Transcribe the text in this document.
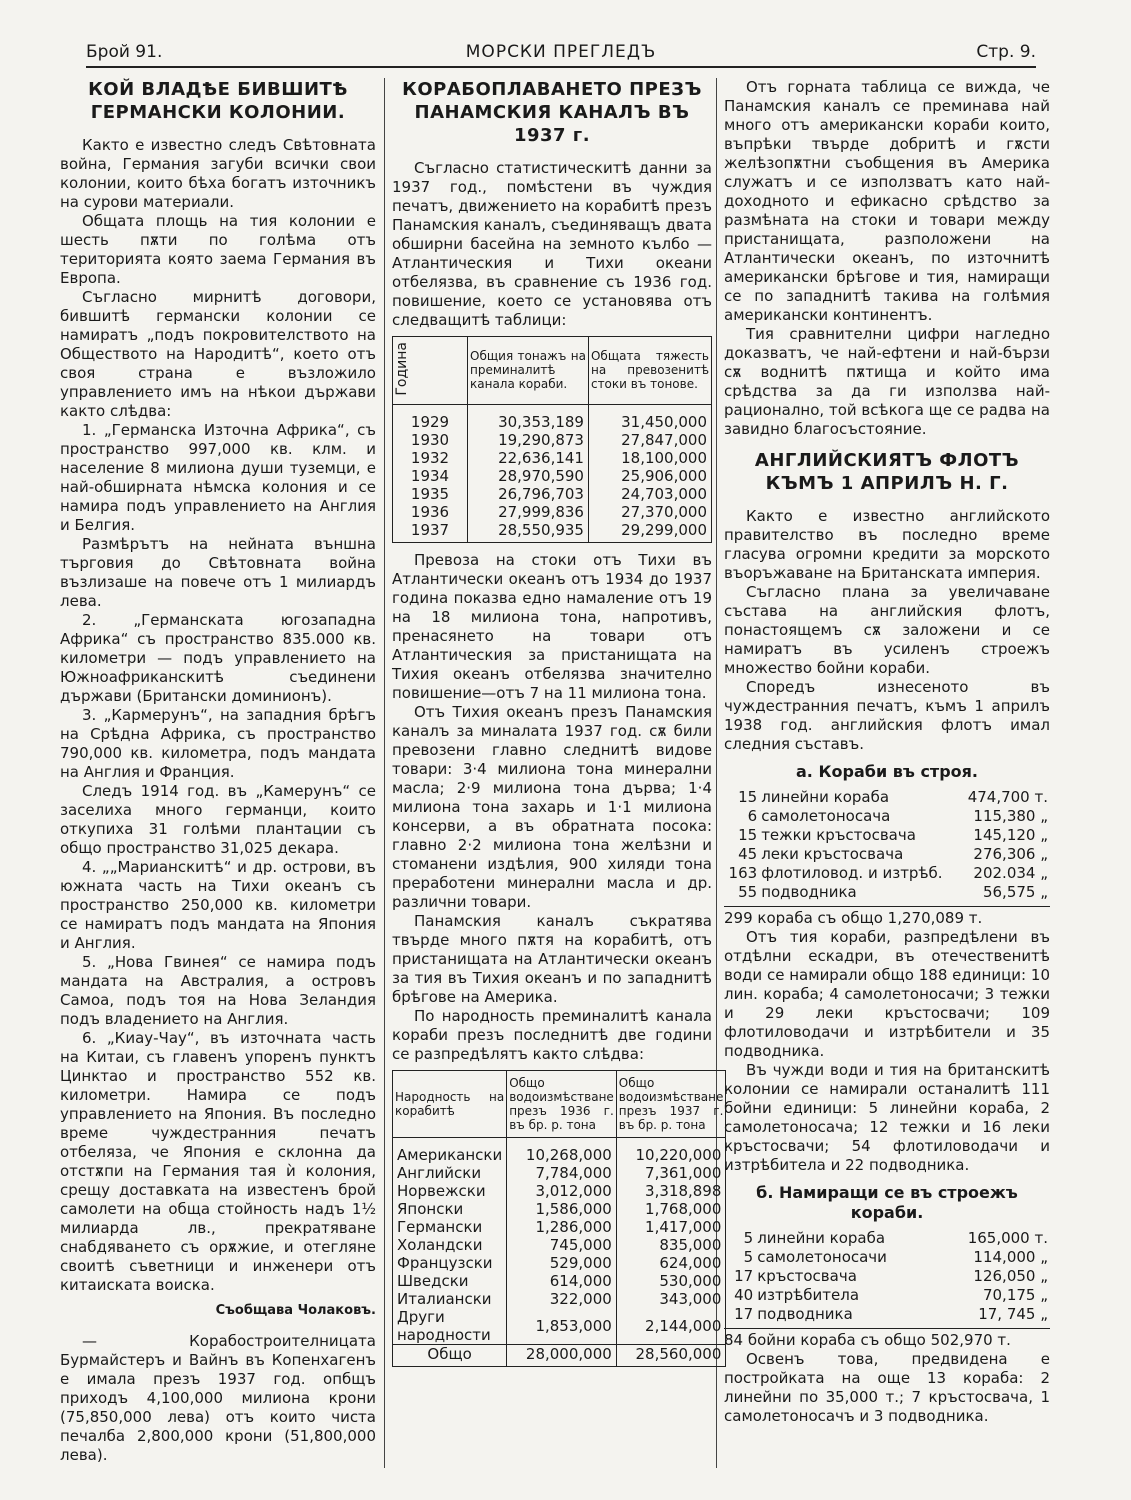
Брой 91.	МОРСКИ ПРЕГЛЕДЪ	Стр. 9.
КОЙ ВЛАДѢЕ БИВШИТѢ ГЕРМАНСКИ КОЛОНИИ.

Както е известно следъ Свѣтовната война, Германия загуби всички свои колонии, които бѣха богатъ източникъ на сурови материали.

Общата площь на тия колонии е шесть пѫти по голѣма отъ територията която заема Германия въ Европа.

Съгласно мирнитѣ договори, бившитѣ германски колонии се намиратъ „подъ покровителството на Обществото на Народитѣ“, което отъ своя страна е възложило управлението имъ на нѣкои държави както слѣдва:

1. „Германска Източна Африка“, съ пространство 997,000 кв. клм. и население 8 милиона души туземци, е най-обширната нѣмска колония и се намира подъ управлението на Англия и Белгия.

Размѣрътъ на нейната външна търговия до Свѣтовната война възлизаше на повече отъ 1 милиардъ лева.

2. „Германската югозападна Африка“ съ пространство 835.000 кв. километри — подъ управлението на Южноафриканскитѣ съединени държави (Британски доминионъ).

3. „Кармерунъ“, на западния брѣгъ на Срѣдна Африка, съ пространство 790,000 кв. километра, подъ мандата на Англия и Франция.

Следъ 1914 год. въ „Камерунъ“ се заселиха много германци, които откупиха 31 голѣми плантации съ общо пространство 31,025 декара.

4. „„Марианскитѣ“ и др. острови, въ южната часть на Тихи океанъ съ пространство 250,000 кв. километри се намиратъ подъ мандата на Япония и Англия.

5. „Нова Гвинея“ се намира подъ мандата на Австралия, а островъ Самоа, подъ тоя на Нова Зеландия подъ владението на Англия.

6. „Киау-Чау“, въ източната часть на Китаи, съ главенъ упоренъ пунктъ Цинктао и пространство 552 кв. километри. Намира се подъ управлението на Япония. Въ последно време чуждестранния печатъ отбеляза, че Япония е склонна да отстѫпи на Германия тая ѝ колония, срещу доставката на известенъ брой самолети на обща стойность надъ 1½ милиарда лв., прекратяване снабдяването съ орѫжие, и отегляне своитѣ съветници и инженери отъ китаиската воиска.

Съобщава Чолаковъ.

— Корабостроителницата Бурмайстеръ и Вайнъ въ Копенхагенъ е имала презъ 1937 год. опбщъ приходъ 4,100,000 милиона крони (75,850,000 лева) отъ които чиста печалба 2,800,000 крони (51,800,000 лева).

КОРАБОПЛАВАНЕТО ПРЕЗЪ ПАНАМСКИЯ КАНАЛЪ ВЪ 1937 г.

Съгласно статистическитѣ данни за 1937 год., помѣстени въ чуждия печатъ, движението на корабитѣ презъ Панамския каналъ, съединяващъ двата обширни басейна на земното кълбо — Атлантическия и Тихи океани отбелязва, въ сравнение съ 1936 год. повишение, което се установява отъ следващитѣ таблици:

Година	Общия тонажъ на преминалитѣ канала кораби.	Общата тяжесть на превозенитѣ стоки въ тонове.
1929	30,353,189	31,450,000
1930	19,290,873	27,847,000
1932	22,636,141	18,100,000
1934	28,970,590	25,906,000
1935	26,796,703	24,703,000
1936	27,999,836	27,370,000
1937	28,550,935	29,299,000

Превоза на стоки отъ Тихи въ Атлантически океанъ отъ 1934 до 1937 година показва едно намаление отъ 19 на 18 милиона тона, напротивъ, пренасянето на товари отъ Атлантическия за пристанищата на Тихия океанъ отбелязва значително повишение—отъ 7 на 11 милиона тона.

Отъ Тихия океанъ презъ Панамския каналъ за миналата 1937 год. сѫ били превозени главно следнитѣ видове товари: 3·4 милиона тона минерални масла; 2·9 милиона тона дърва; 1·4 милиона тона захарь и 1·1 милиона консерви, а въ обратната посока: главно 2·2 милиона тона желѣзни и стоманени издѣлия, 900 хиляди тона преработени минерални масла и др. различни товари.

Панамския каналъ съкратява твърде много пѫтя на корабитѣ, отъ пристанищата на Атлантически океанъ за тия въ Тихия океанъ и по западнитѣ брѣгове на Америка.

По народность преминалитѣ канала кораби презъ последнитѣ две години се разпредѣлятъ както слѣдва:

Народность на корабитѣ	Общо водоизмѣстване презъ 1936 г. въ бр. р. тона	Общо водоизмѣстване презъ 1937 г. въ бр. р. тона
Американски	10,268,000	10,220,000
Английски	7,784,000	7,361,000
Норвежски	3,012,000	3,318,898
Японски	1,586,000	1,768,000
Германски	1,286,000	1,417,000
Холандски	745,000	835,000
Французски	529,000	624,000
Шведски	614,000	530,000
Италиански	322,000	343,000
Други народности	1,853,000	2,144,000
Общо	28,000,000	28,560,000

Отъ горната таблица се вижда, че Панамския каналъ се преминава най много отъ американски кораби които, въпрѣки твърде добритѣ и гѫсти желѣзопѫтни съобщения въ Америка служатъ и се използватъ като най-доходното и ефикасно срѣдство за размѣната на стоки и товари между пристанищата, разположени на Атлантически океанъ, по източнитѣ американски брѣгове и тия, намиращи се по западнитѣ такива на голѣмия американски континентъ.

Тия сравнителни цифри нагледно доказватъ, че най-ефтени и най-бързи сѫ воднитѣ пѫтища и който има срѣдства за да ги използва най-рационално, той всѣкога ще се радва на завидно благосъстояние.

АНГЛИЙСКИЯТЪ ФЛОТЪ КЪМЪ 1 АПРИЛЪ Н. Г.

Както е известно английското правителство въ последно време гласува огромни кредити за морското въоръжаване на Британската империя.

Съгласно плана за увеличаване състава на английския флотъ, понастоящемъ сѫ заложени и се намиратъ въ усиленъ строежъ множество бойни кораби.

Споредъ изнесеното въ чуждестранния печатъ, къмъ 1 априлъ 1938 год. английския флотъ имал следния съставъ.

а. Кораби въ строя.
15	линейни кораба	474,700 т.
6	самолетоносача	115,380 „
15	тежки кръстосвача	145,120 „
45	леки кръстосвача	276,306 „
163	флотиловод. и изтрѣб.	202.034 „
55	подводника	56,575 „
299 кораба съ общо 1,270,089 т.

Отъ тия кораби, разпредѣлени въ отдѣлни ескадри, въ отечественитѣ води се намирали общо 188 единици: 10 лин. кораба; 4 самолетоносачи; 3 тежки и 29 леки кръстосвачи; 109 флотиловодачи и изтрѣбители и 35 подводника.

Въ чужди води и тия на британскитѣ колонии се намирали останалитѣ 111 бойни единици: 5 линейни кораба, 2 самолетоносача; 12 тежки и 16 леки кръстосвачи; 54 флотиловодачи и изтрѣбитела и 22 подводника.

б. Намиращи се въ строежъ кораби.
5	линейни кораба	165,000 т.
5	самолетоносачи	114,000 „
17	кръстосвача	126,050 „
40	изтрѣбитела	70,175 „
17	подводника	17, 745 „
84 бойни кораба съ общо 502,970 т.

Освенъ това, предвидена е постройката на още 13 кораба: 2 линейни по 35,000 т.; 7 кръстосвача, 1 самолетоносачъ и 3 подводника.
